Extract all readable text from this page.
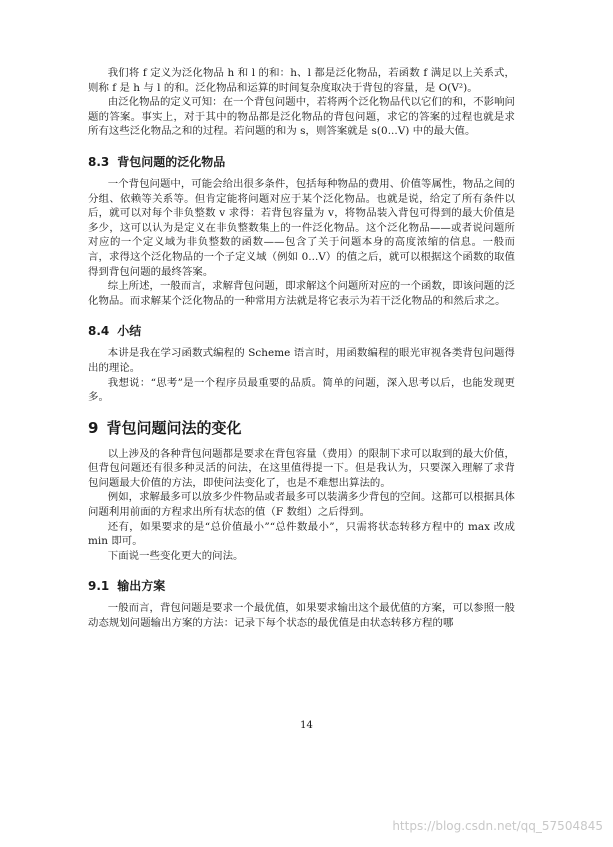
我们将 f 定义为泛化物品 h 和 l 的和：h、l 都是泛化物品，若函数 f 满足以上关系式，则称 f 是 h 与 l 的和。泛化物品和运算的时间复杂度取决于背包的容量，是 O(V²)。

由泛化物品的定义可知：在一个背包问题中，若将两个泛化物品代以它们的和，不影响问题的答案。事实上，对于其中的物品都是泛化物品的背包问题，求它的答案的过程也就是求所有这些泛化物品之和的过程。若问题的和为 s，则答案就是 s(0...V) 中的最大值。

8.3 背包问题的泛化物品

一个背包问题中，可能会给出很多条件，包括每种物品的费用、价值等属性，物品之间的分组、依赖等关系等。但肯定能将问题对应于某个泛化物品。也就是说，给定了所有条件以后，就可以对每个非负整数 v 求得：若背包容量为 v，将物品装入背包可得到的最大价值是多少，这可以认为是定义在非负整数集上的一件泛化物品。这个泛化物品——或者说问题所对应的一个定义域为非负整数的函数——包含了关于问题本身的高度浓缩的信息。一般而言，求得这个泛化物品的一个子定义域（例如 0...V）的值之后，就可以根据这个函数的取值得到背包问题的最终答案。

综上所述，一般而言，求解背包问题，即求解这个问题所对应的一个函数，即该问题的泛化物品。而求解某个泛化物品的一种常用方法就是将它表示为若干泛化物品的和然后求之。

8.4 小结

本讲是我在学习函数式编程的 Scheme 语言时，用函数编程的眼光审视各类背包问题得出的理论。

我想说：“思考”是一个程序员最重要的品质。简单的问题，深入思考以后，也能发现更多。

9 背包问题问法的变化

以上涉及的各种背包问题都是要求在背包容量（费用）的限制下求可以取到的最大价值，但背包问题还有很多种灵活的问法，在这里值得提一下。但是我认为，只要深入理解了求背包问题最大价值的方法，即使问法变化了，也是不难想出算法的。

例如，求解最多可以放多少件物品或者最多可以装满多少背包的空间。这都可以根据具体问题利用前面的方程求出所有状态的值（F 数组）之后得到。

还有，如果要求的是“总价值最小”“总件数最小”，只需将状态转移方程中的 max 改成 min 即可。

下面说一些变化更大的问法。

9.1 输出方案

一般而言，背包问题是要求一个最优值，如果要求输出这个最优值的方案，可以参照一般动态规划问题输出方案的方法：记录下每个状态的最优值是由状态转移方程的哪

14
https://blog.csdn.net/qq_57504845
